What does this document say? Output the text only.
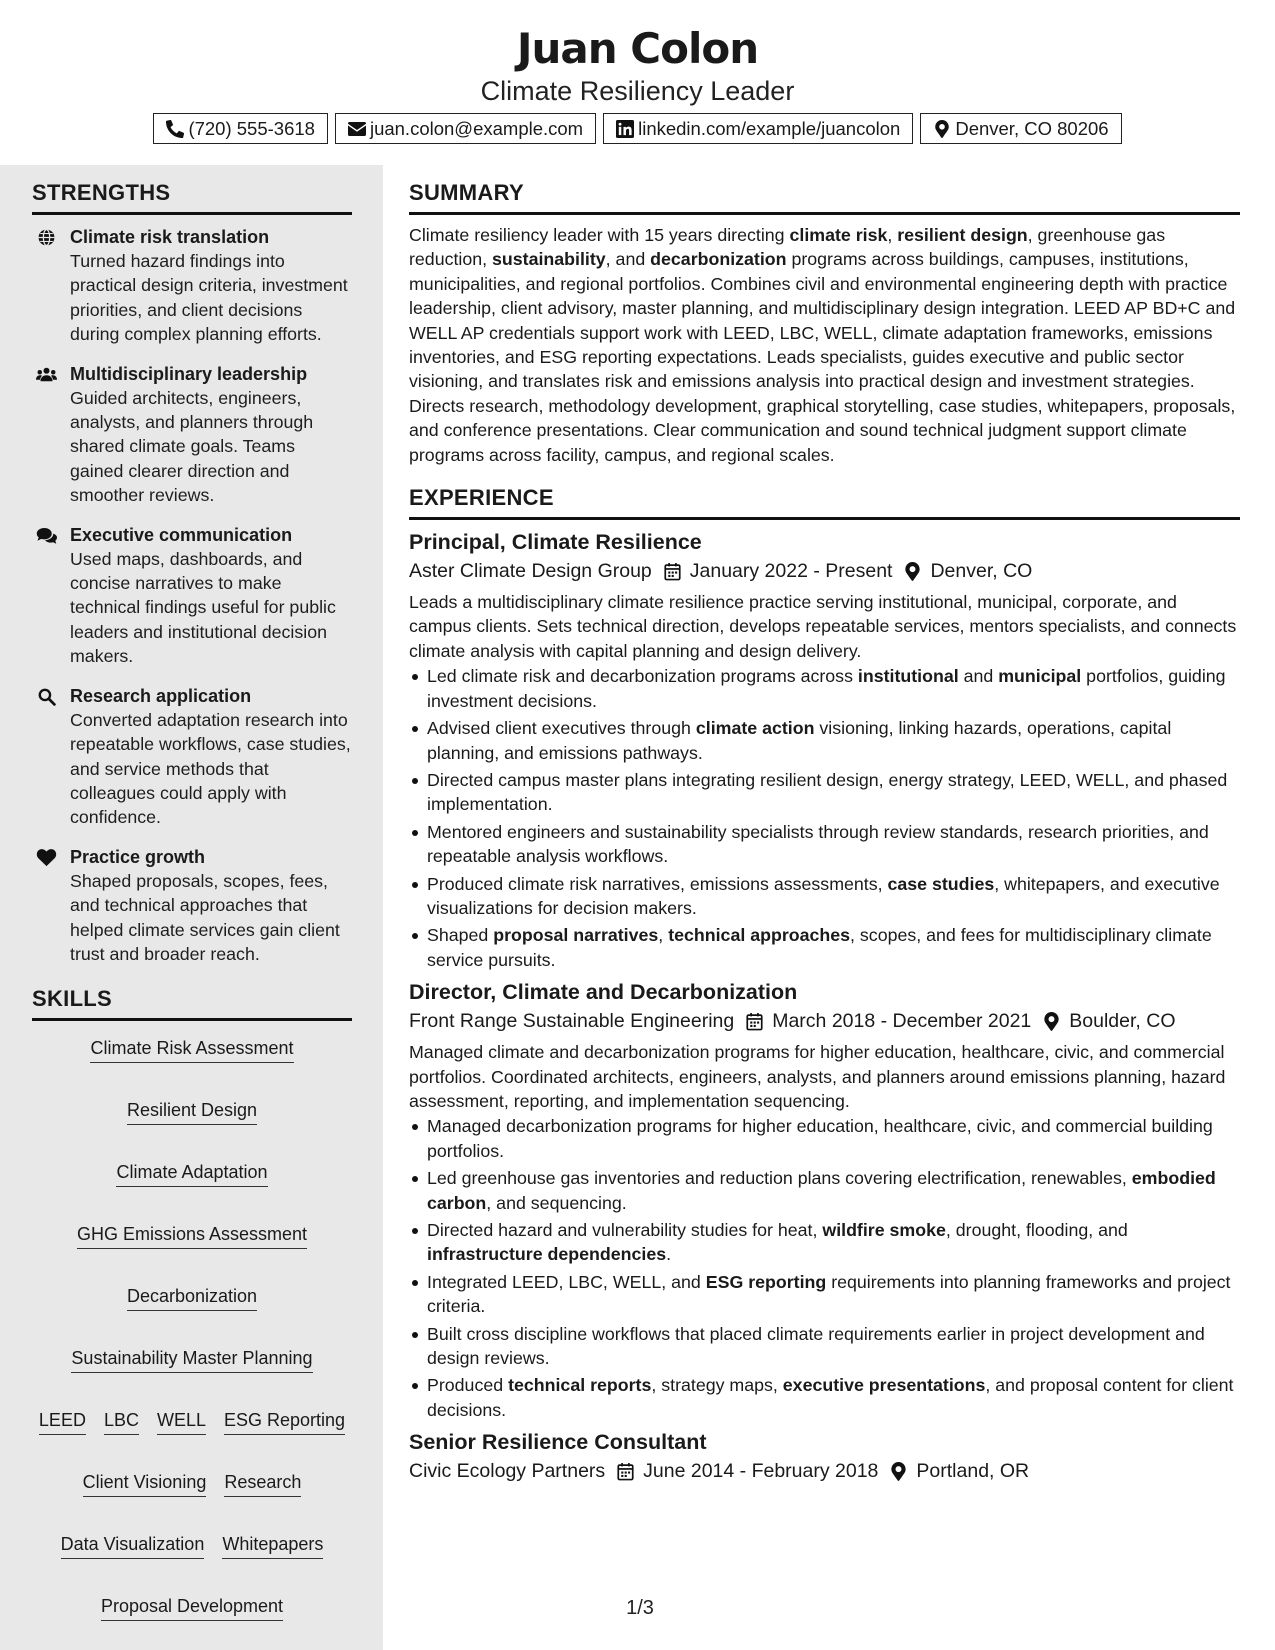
Juan Colon
Climate Resiliency Leader
(720) 555-3618	juan.colon@example.com	linkedin.com/example/juancolon	Denver, CO 80206
STRENGTHS
Climate risk translation
Turned hazard findings into practical design criteria, investment priorities, and client decisions during complex planning efforts.
Multidisciplinary leadership
Guided architects, engineers, analysts, and planners through shared climate goals. Teams gained clearer direction and smoother reviews.
Executive communication
Used maps, dashboards, and concise narratives to make technical findings useful for public leaders and institutional decision makers.
Research application
Converted adaptation research into repeatable workflows, case studies, and service methods that colleagues could apply with confidence.
Practice growth
Shaped proposals, scopes, fees, and technical approaches that helped climate services gain client trust and broader reach.
SKILLS
Climate Risk Assessment
Resilient Design
Climate Adaptation
GHG Emissions Assessment
Decarbonization
Sustainability Master Planning
LEED LBC WELL ESG Reporting
Client Visioning Research
Data Visualization Whitepapers
Proposal Development
SUMMARY

Climate resiliency leader with 15 years directing climate risk, resilient design, greenhouse gas reduction, sustainability, and decarbonization programs across buildings, campuses, institutions, municipalities, and regional portfolios. Combines civil and environmental engineering depth with practice leadership, client advisory, master planning, and multidisciplinary design integration. LEED AP BD+C and WELL AP credentials support work with LEED, LBC, WELL, climate adaptation frameworks, emissions inventories, and ESG reporting expectations. Leads specialists, guides executive and public sector visioning, and translates risk and emissions analysis into practical design and investment strategies. Directs research, methodology development, graphical storytelling, case studies, whitepapers, proposals, and conference presentations. Clear communication and sound technical judgment support climate programs across facility, campus, and regional scales.

EXPERIENCE
Principal, Climate Resilience
Aster Climate Design Group January 2022 - Present Denver, CO

Leads a multidisciplinary climate resilience practice serving institutional, municipal, corporate, and campus clients. Sets technical direction, develops repeatable services, mentors specialists, and connects climate analysis with capital planning and design delivery.

Led climate risk and decarbonization programs across institutional and municipal portfolios, guiding investment decisions.
Advised client executives through climate action visioning, linking hazards, operations, capital planning, and emissions pathways.
Directed campus master plans integrating resilient design, energy strategy, LEED, WELL, and phased implementation.
Mentored engineers and sustainability specialists through review standards, research priorities, and repeatable analysis workflows.
Produced climate risk narratives, emissions assessments, case studies, whitepapers, and executive visualizations for decision makers.
Shaped proposal narratives, technical approaches, scopes, and fees for multidisciplinary climate service pursuits.
Director, Climate and Decarbonization
Front Range Sustainable Engineering March 2018 - December 2021 Boulder, CO

Managed climate and decarbonization programs for higher education, healthcare, civic, and commercial portfolios. Coordinated architects, engineers, analysts, and planners around emissions planning, hazard assessment, reporting, and implementation sequencing.

Managed decarbonization programs for higher education, healthcare, civic, and commercial building portfolios.
Led greenhouse gas inventories and reduction plans covering electrification, renewables, embodied carbon, and sequencing.
Directed hazard and vulnerability studies for heat, wildfire smoke, drought, flooding, and infrastructure dependencies.
Integrated LEED, LBC, WELL, and ESG reporting requirements into planning frameworks and project criteria.
Built cross discipline workflows that placed climate requirements earlier in project development and design reviews.
Produced technical reports, strategy maps, executive presentations, and proposal content for client decisions.
Senior Resilience Consultant
Civic Ecology Partners June 2014 - February 2018 Portland, OR
1/3
